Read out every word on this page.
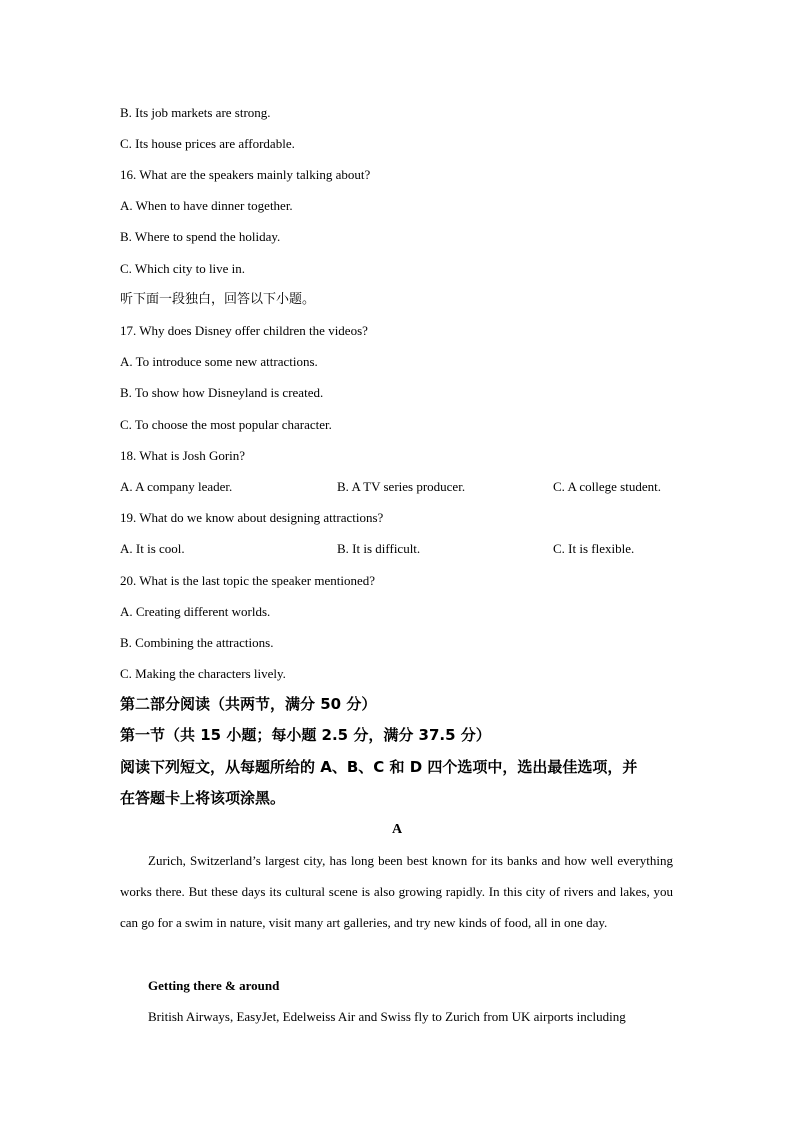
B. Its job markets are strong.
C. Its house prices are affordable.
16. What are the speakers mainly talking about?
A. When to have dinner together.
B. Where to spend the holiday.
C. Which city to live in.
听下面一段独白，回答以下小题。
17. Why does Disney offer children the videos?
A. To introduce some new attractions.
B. To show how Disneyland is created.
C. To choose the most popular character.
18. What is Josh Gorin?
A. A company leader.	B. A TV series producer.	C. A college student.
19. What do we know about designing attractions?
A. It is cool.	B. It is difficult.	C. It is flexible.
20. What is the last topic the speaker mentioned?
A. Creating different worlds.
B. Combining the attractions.
C. Making the characters lively.
第二部分阅读（共两节，满分 50 分）
第一节（共 15 小题；每小题 2.5 分，满分 37.5 分）
阅读下列短文，从每题所给的 A、B、C 和 D 四个选项中，选出最佳选项，并
在答题卡上将该项涂黑。
A
Zurich, Switzerland’s largest city, has long been best known for its banks and how well everything works there. But these days its cultural scene is also growing rapidly. In this city of rivers and lakes, you can go for a swim in nature, visit many art galleries, and try new kinds of food, all in one day.
Getting there & around
British Airways, EasyJet, Edelweiss Air and Swiss fly to Zurich from UK airports including
